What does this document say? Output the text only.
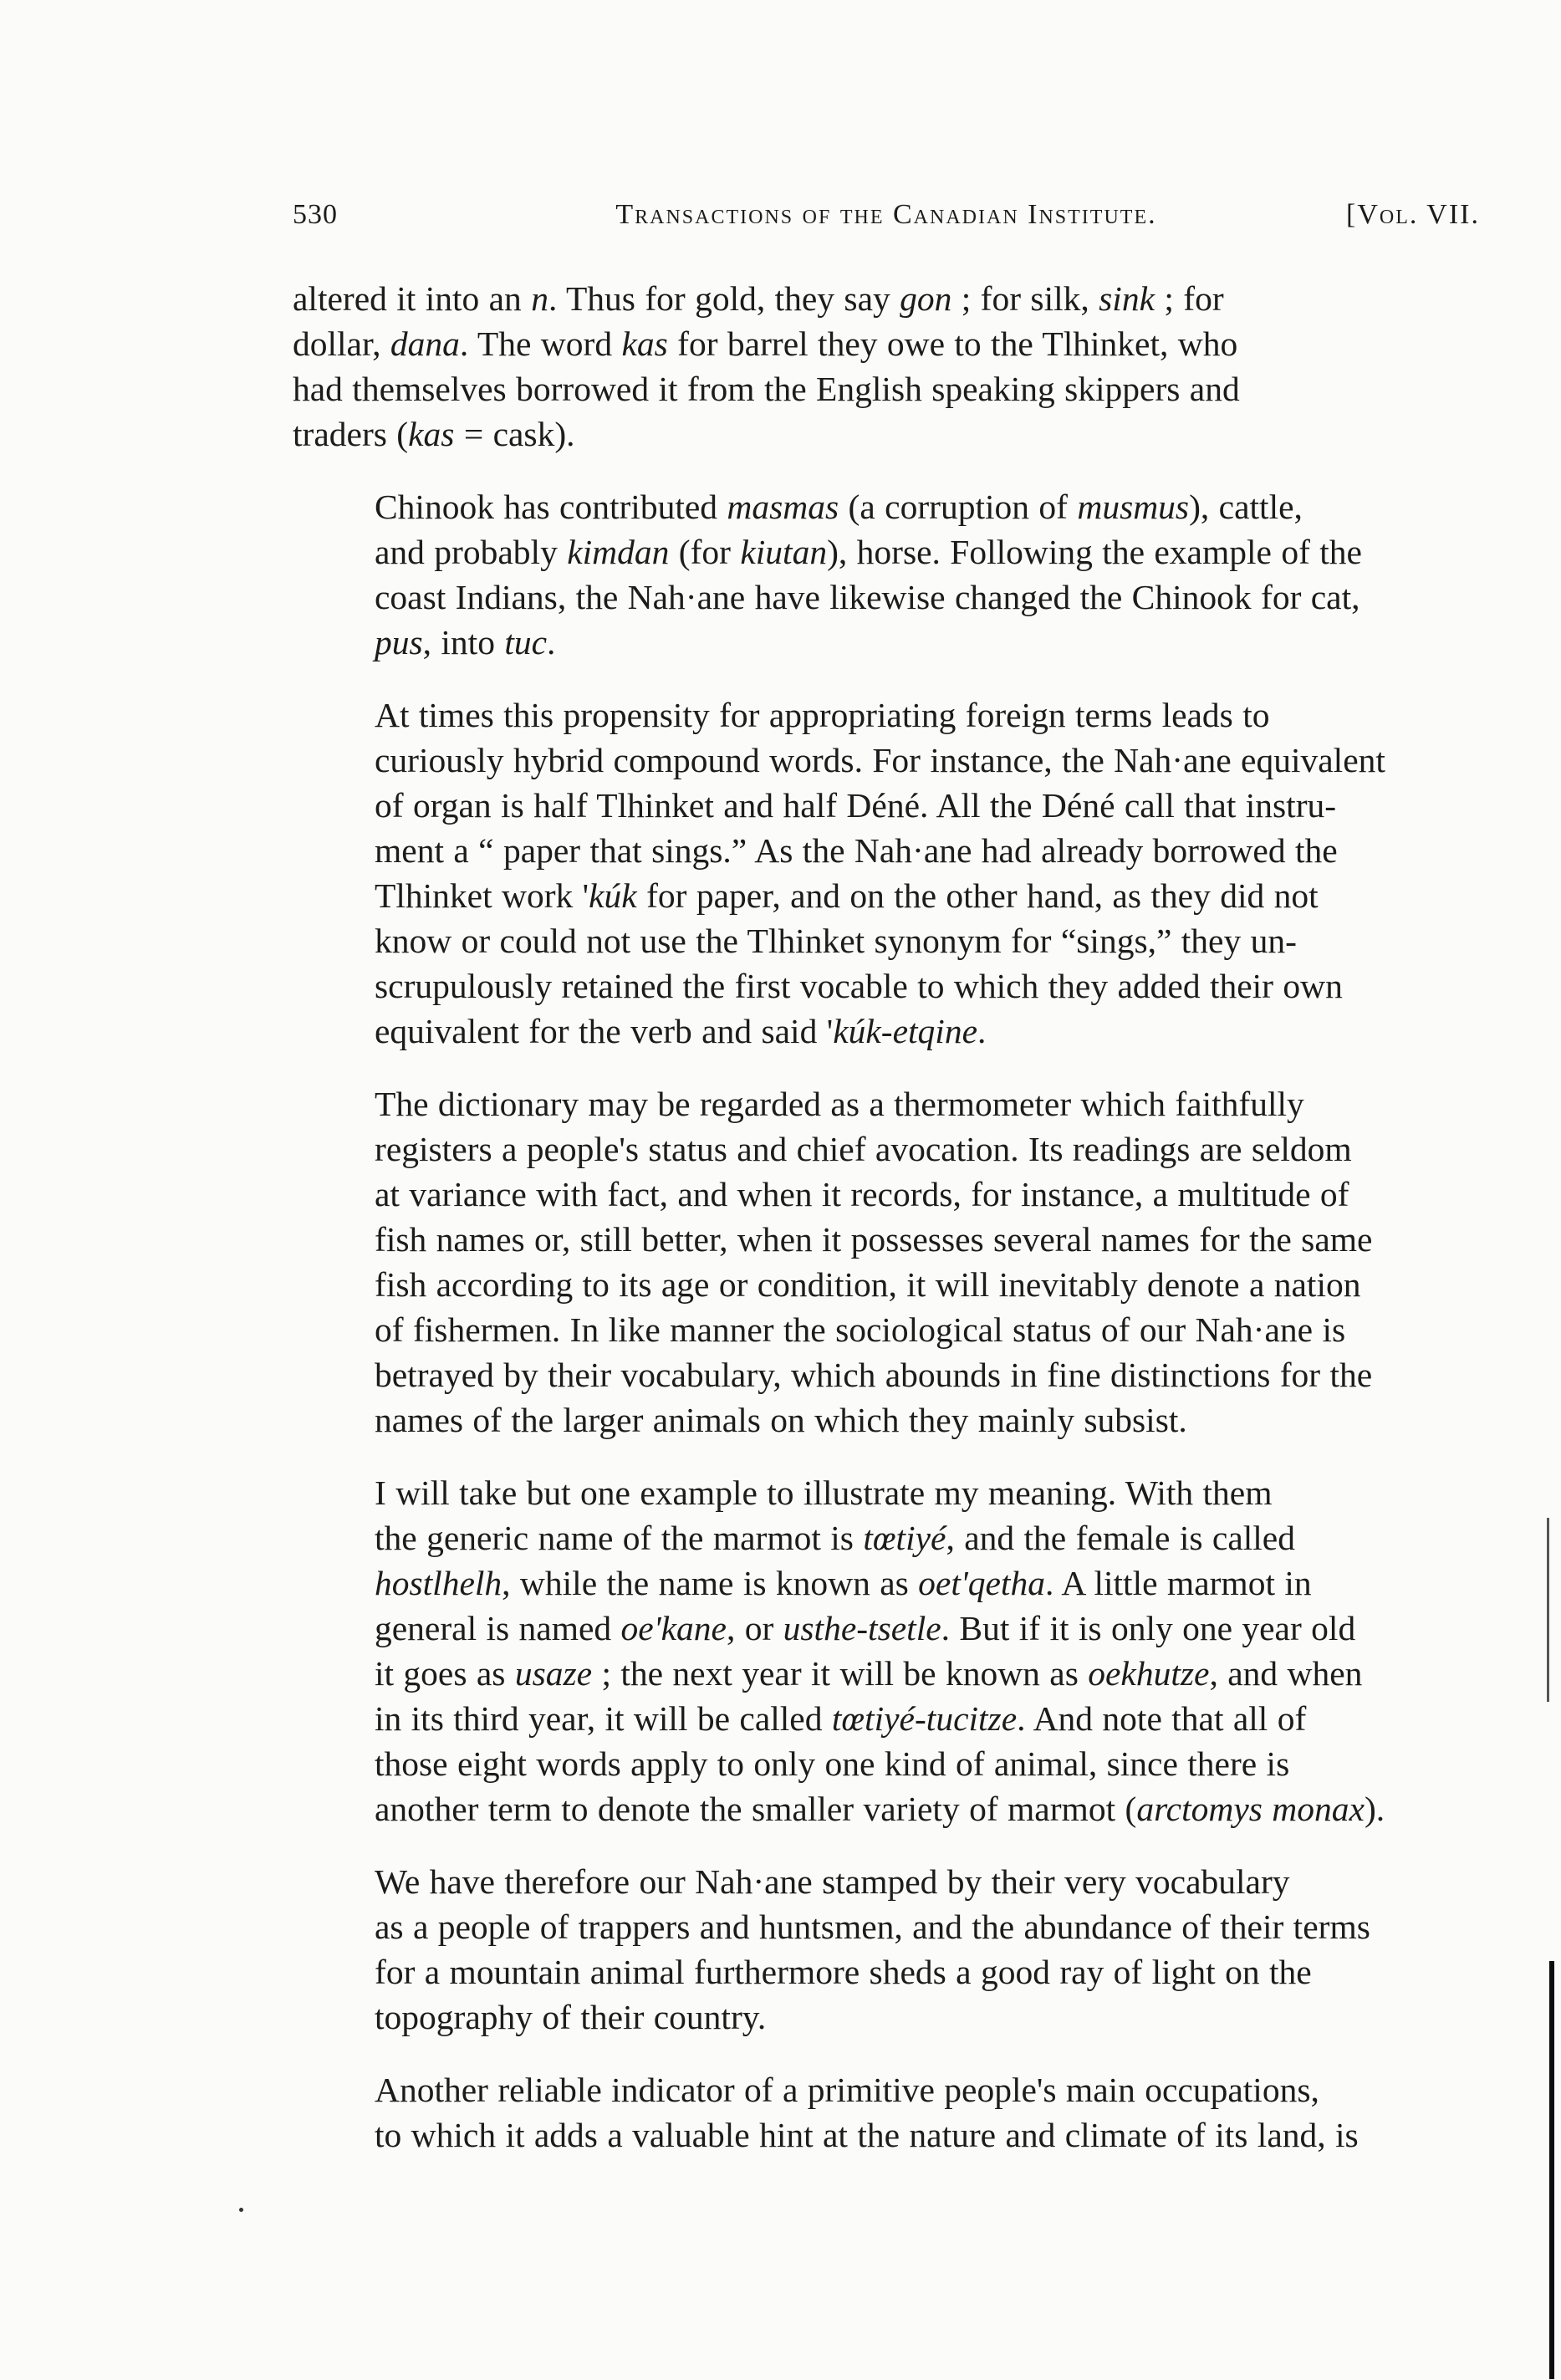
530	Transactions of the Canadian Institute.	[Vol. VII.

altered it into an n. Thus for gold, they say gon ; for silk, sink ; for
dollar, dana. The word kas for barrel they owe to the Tlhinket, who
had themselves borrowed it from the English speaking skippers and
traders (kas = cask).

Chinook has contributed masmas (a corruption of musmus), cattle,
and probably kimdan (for kiutan), horse. Following the example of the
coast Indians, the Nah·ane have likewise changed the Chinook for cat,
pus, into tuc.

At times this propensity for appropriating foreign terms leads to
curiously hybrid compound words. For instance, the Nah·ane equivalent
of organ is half Tlhinket and half Déné. All the Déné call that instru-
ment a “ paper that sings.” As the Nah·ane had already borrowed the
Tlhinket work 'kúk for paper, and on the other hand, as they did not
know or could not use the Tlhinket synonym for “sings,” they un-
scrupulously retained the first vocable to which they added their own
equivalent for the verb and said 'kúk-etqine.

The dictionary may be regarded as a thermometer which faithfully
registers a people's status and chief avocation. Its readings are seldom
at variance with fact, and when it records, for instance, a multitude of
fish names or, still better, when it possesses several names for the same
fish according to its age or condition, it will inevitably denote a nation
of fishermen. In like manner the sociological status of our Nah·ane is
betrayed by their vocabulary, which abounds in fine distinctions for the
names of the larger animals on which they mainly subsist.

I will take but one example to illustrate my meaning. With them
the generic name of the marmot is tœtiyé, and the female is called
hostlhelh, while the name is known as oet'qetha. A little marmot in
general is named oe'kane, or usthe-tsetle. But if it is only one year old
it goes as usaze ; the next year it will be known as oekhutze, and when
in its third year, it will be called tœtiyé-tucitze. And note that all of
those eight words apply to only one kind of animal, since there is
another term to denote the smaller variety of marmot (arctomys monax).

We have therefore our Nah·ane stamped by their very vocabulary
as a people of trappers and huntsmen, and the abundance of their terms
for a mountain animal furthermore sheds a good ray of light on the
topography of their country.

Another reliable indicator of a primitive people's main occupations,
to which it adds a valuable hint at the nature and climate of its land, is
